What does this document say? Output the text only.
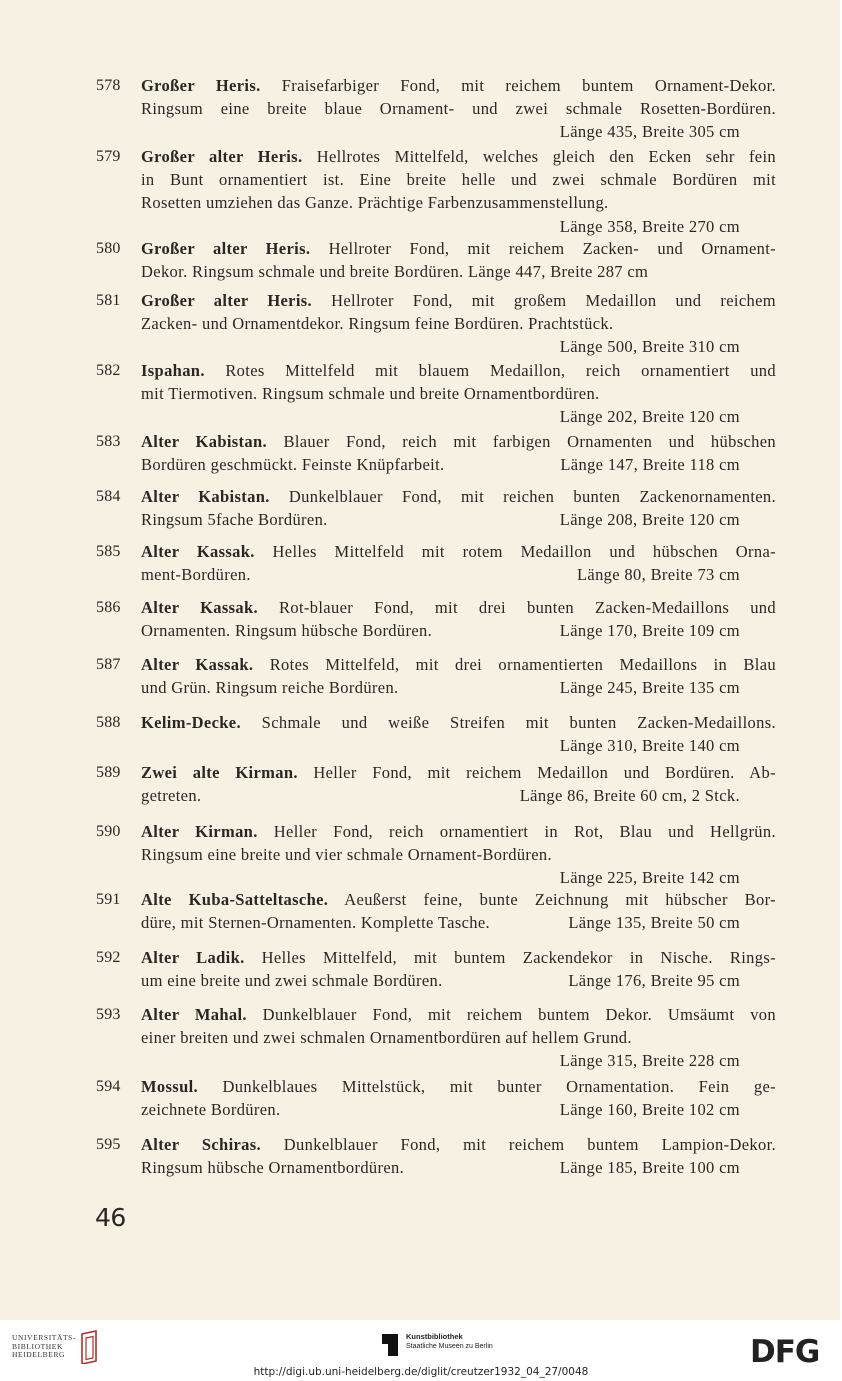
578 Großer Heris. Fraisefarbiger Fond, mit reichem buntem Ornament-Dekor.
Ringsum eine breite blaue Ornament- und zwei schmale Rosetten-Bordüren.
Länge 435, Breite 305 cm
579 Großer alter Heris. Hellrotes Mittelfeld, welches gleich den Ecken sehr fein
in Bunt ornamentiert ist. Eine breite helle und zwei schmale Bordüren mit
Rosetten umziehen das Ganze. Prächtige Farbenzusammenstellung.
Länge 358, Breite 270 cm
580 Großer alter Heris. Hellroter Fond, mit reichem Zacken- und Ornament-
Dekor. Ringsum schmale und breite Bordüren. Länge 447, Breite 287 cm
581 Großer alter Heris. Hellroter Fond, mit großem Medaillon und reichem
Zacken- und Ornamentdekor. Ringsum feine Bordüren. Prachtstück.
Länge 500, Breite 310 cm
582 Ispahan. Rotes Mittelfeld mit blauem Medaillon, reich ornamentiert und
mit Tiermotiven. Ringsum schmale und breite Ornamentbordüren.
Länge 202, Breite 120 cm
583 Alter Kabistan. Blauer Fond, reich mit farbigen Ornamenten und hübschen
Bordüren geschmückt. Feinste Knüpfarbeit.	Länge 147, Breite 118 cm
584 Alter Kabistan. Dunkelblauer Fond, mit reichen bunten Zackenornamenten.
Ringsum 5fache Bordüren.	Länge 208, Breite 120 cm
585 Alter Kassak. Helles Mittelfeld mit rotem Medaillon und hübschen Orna-
ment-Bordüren.	Länge 80, Breite 73 cm
586 Alter Kassak. Rot-blauer Fond, mit drei bunten Zacken-Medaillons und
Ornamenten. Ringsum hübsche Bordüren.	Länge 170, Breite 109 cm
587 Alter Kassak. Rotes Mittelfeld, mit drei ornamentierten Medaillons in Blau
und Grün. Ringsum reiche Bordüren.	Länge 245, Breite 135 cm
588 Kelim-Decke. Schmale und weiße Streifen mit bunten Zacken-Medaillons.
Länge 310, Breite 140 cm
589 Zwei alte Kirman. Heller Fond, mit reichem Medaillon und Bordüren. Ab-
getreten.	Länge 86, Breite 60 cm, 2 Stck.
590 Alter Kirman. Heller Fond, reich ornamentiert in Rot, Blau und Hellgrün.
Ringsum eine breite und vier schmale Ornament-Bordüren.
Länge 225, Breite 142 cm
591 Alte Kuba-Satteltasche. Aeußerst feine, bunte Zeichnung mit hübscher Bor-
düre, mit Sternen-Ornamenten. Komplette Tasche.	Länge 135, Breite 50 cm
592 Alter Ladik. Helles Mittelfeld, mit buntem Zackendekor in Nische. Rings-
um eine breite und zwei schmale Bordüren.	Länge 176, Breite 95 cm
593 Alter Mahal. Dunkelblauer Fond, mit reichem buntem Dekor. Umsäumt von
einer breiten und zwei schmalen Ornamentbordüren auf hellem Grund.
Länge 315, Breite 228 cm
594 Mossul. Dunkelblaues Mittelstück, mit bunter Ornamentation. Fein ge-
zeichnete Bordüren.	Länge 160, Breite 102 cm
595 Alter Schiras. Dunkelblauer Fond, mit reichem buntem Lampion-Dekor.
Ringsum hübsche Ornamentbordüren.	Länge 185, Breite 100 cm
46
UNIVERSITÄTS-
BIBLIOTHEK
HEIDELBERG
Kunstbibliothek
Staatliche Museen zu Berlin	DFG
http://digi.ub.uni-heidelberg.de/diglit/creutzer1932_04_27/0048
